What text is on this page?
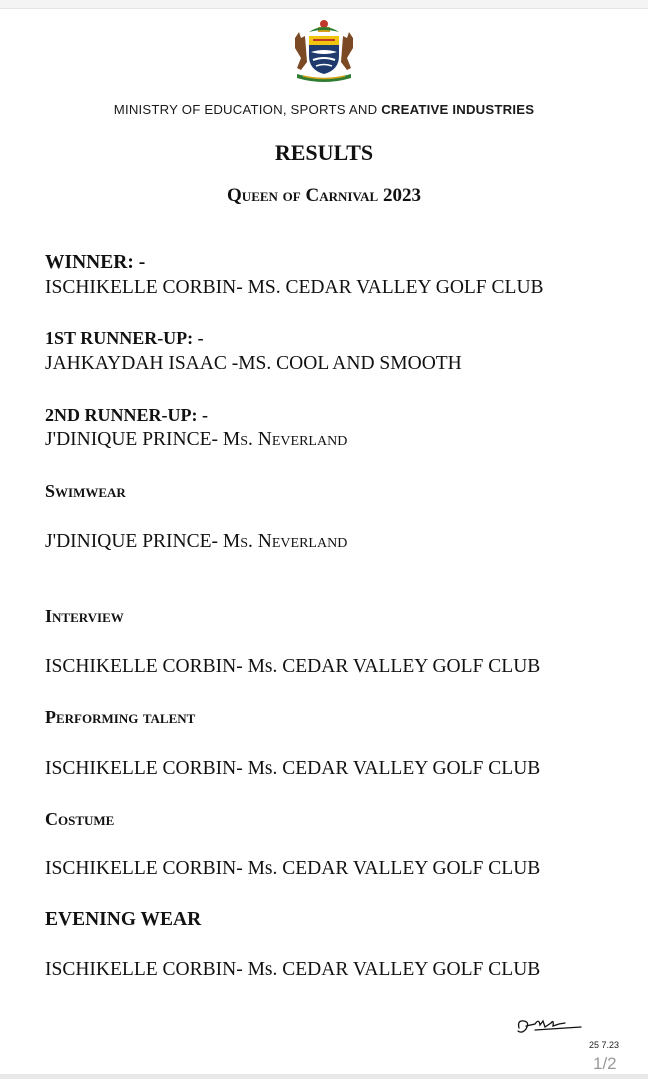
MINISTRY OF EDUCATION, SPORTS AND CREATIVE INDUSTRIES
RESULTS
Queen of Carnival 2023
WINNER: -
ISCHIKELLE CORBIN- MS. CEDAR VALLEY GOLF CLUB
1ST RUNNER-UP: -
JAHKAYDAH ISAAC -MS. COOL AND SMOOTH
2ND RUNNER-UP: -
J'DINIQUE PRINCE- Ms. Neverland
Swimwear
J'DINIQUE PRINCE- Ms. Neverland
Interview
ISCHIKELLE CORBIN- Ms. CEDAR VALLEY GOLF CLUB
Performing talent
ISCHIKELLE CORBIN- Ms. CEDAR VALLEY GOLF CLUB
Costume
ISCHIKELLE CORBIN- Ms. CEDAR VALLEY GOLF CLUB
EVENING WEAR
ISCHIKELLE CORBIN- Ms. CEDAR VALLEY GOLF CLUB
25 7.23
1/2
